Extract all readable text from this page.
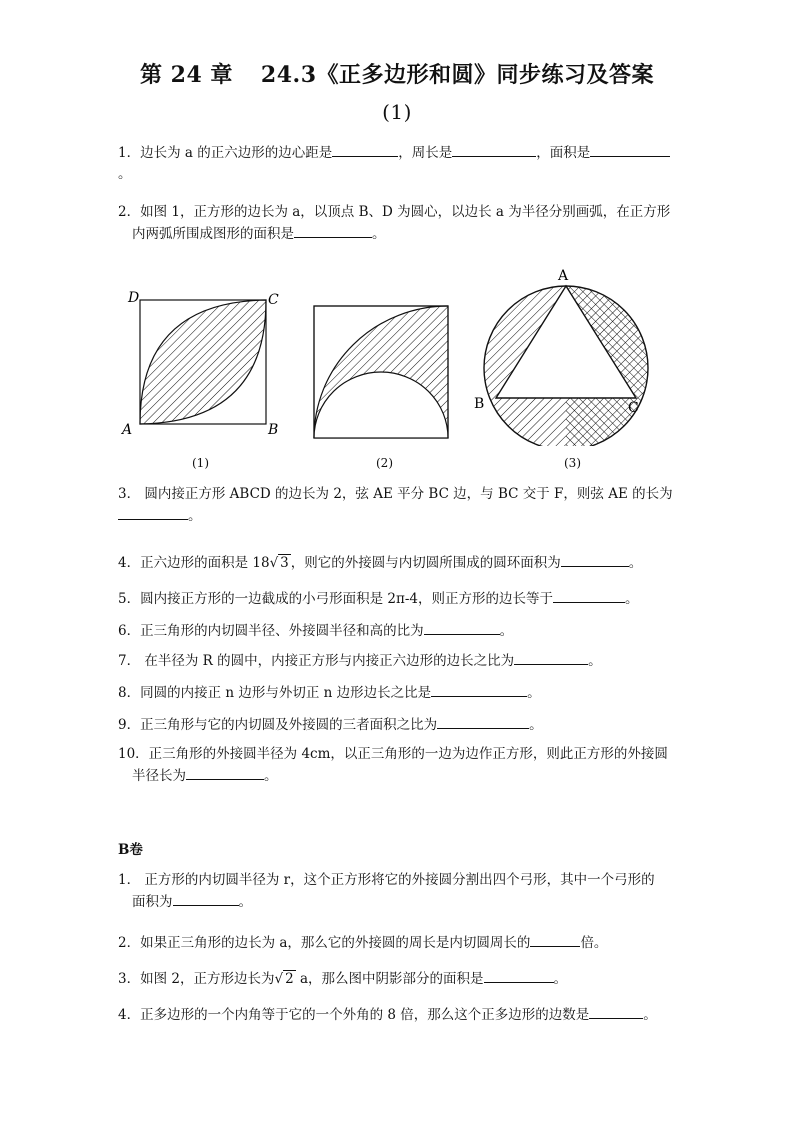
第 24 章 24.3《正多边形和圆》同步练习及答案
(1)
1．边长为 a 的正六边形的边心距是	，周长是	，面积是
。
2．如图 1，正方形的边长为 a，以顶点 B、D 为圆心，以边长 a 为半径分别画弧，在正方形
内两弧所围成图形的面积是	。
D	C
A	B
(1)	(2)
A
B	C
(3)
3． 圆内接正方形 ABCD 的边长为 2，弦 AE 平分 BC 边，与 BC 交于 F，则弦 AE 的长为
。
4．正六边形的面积是 18√ 3 ，则它的外接圆与内切圆所围成的圆环面积为	。
5．圆内接正方形的一边截成的小弓形面积是 2π-4，则正方形的边长等于	。
6．正三角形的内切圆半径、外接圆半径和高的比为	。
7． 在半径为 R 的圆中，内接正方形与内接正六边形的边长之比为	。
8．同圆的内接正 n 边形与外切正 n 边形边长之比是	。
9．正三角形与它的内切圆及外接圆的三者面积之比为	。
10．正三角形的外接圆半径为 4cm，以正三角形的一边为边作正方形，则此正方形的外接圆
半径长为	。
B卷
1． 正方形的内切圆半径为 r，这个正方形将它的外接圆分割出四个弓形，其中一个弓形的
面积为	。
2．如果正三角形的边长为 a，那么它的外接圆的周长是内切圆周长的	倍。
3．如图 2，正方形边长为√ 2 a，那么图中阴影部分的面积是	。
4．正多边形的一个内角等于它的一个外角的 8 倍，那么这个正多边形的边数是	。
